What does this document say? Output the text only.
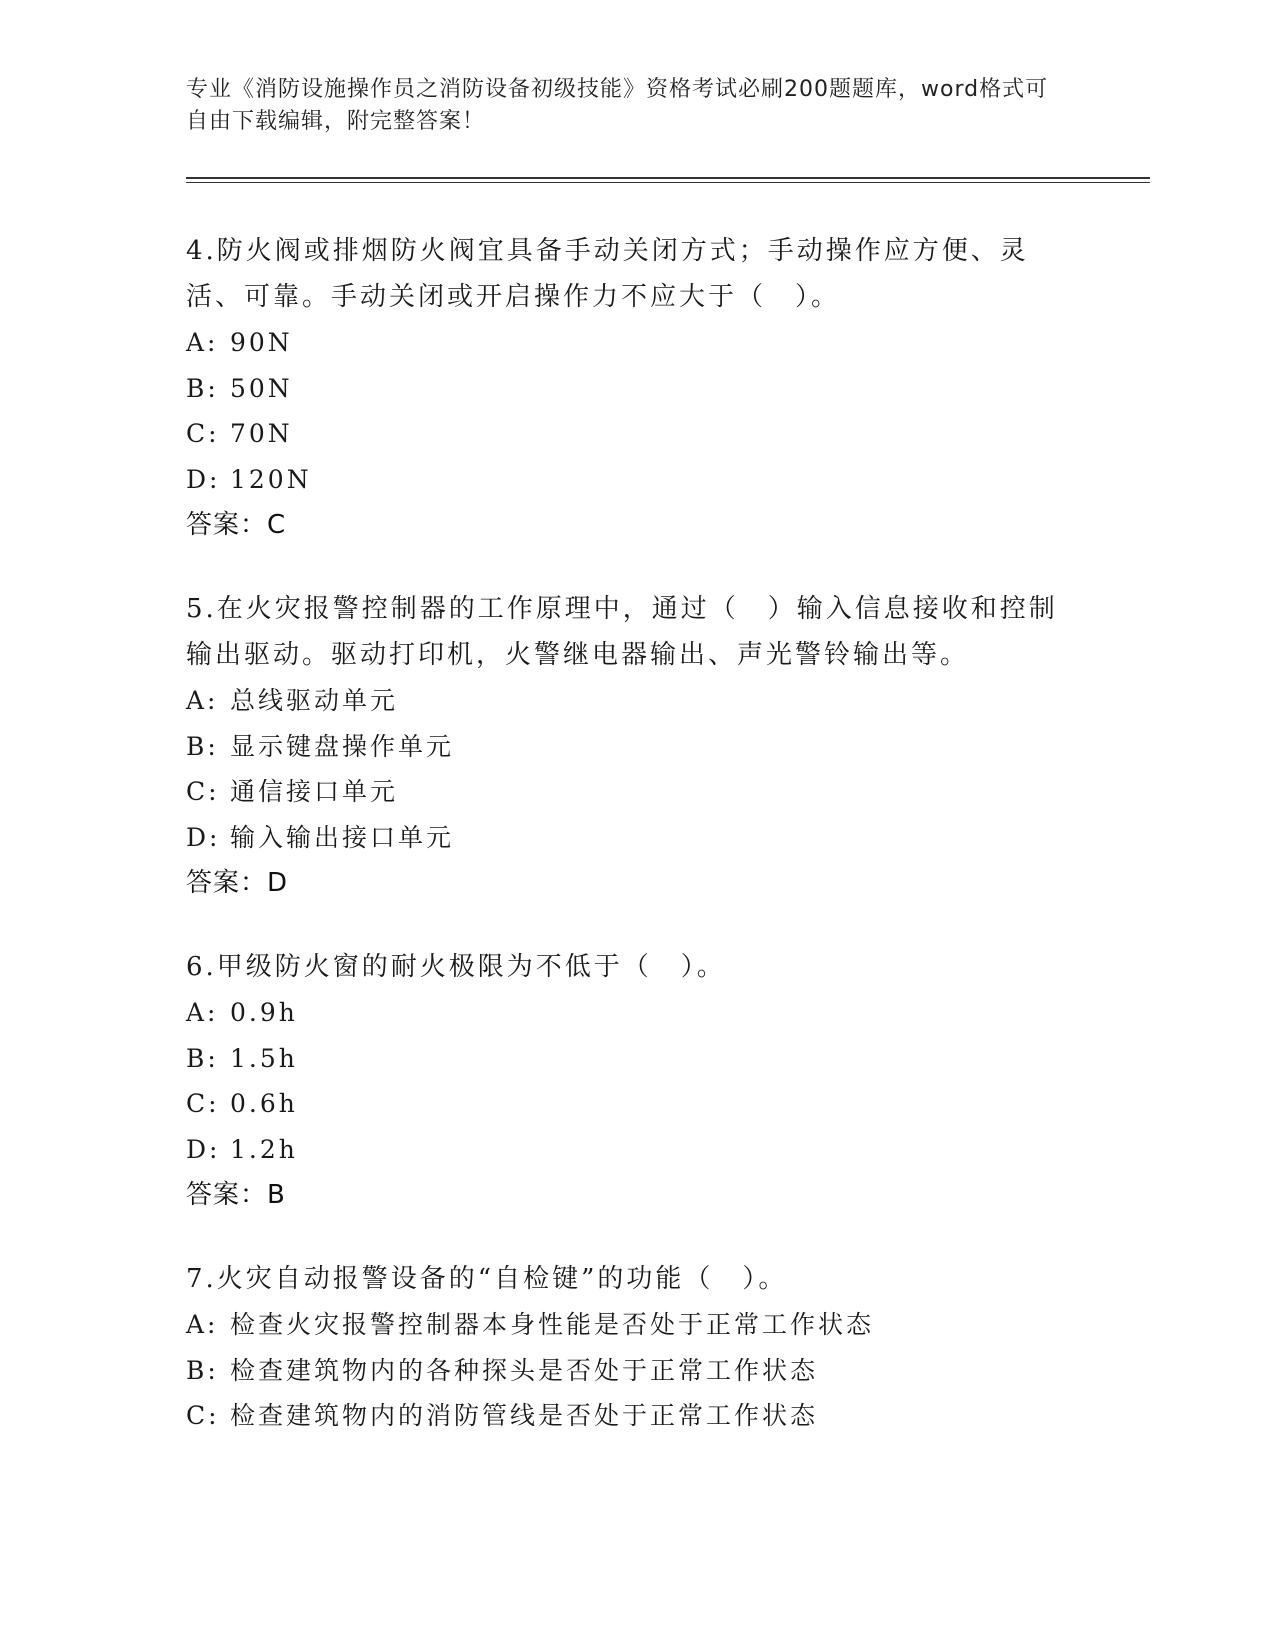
专业《消防设施操作员之消防设备初级技能》资格考试必刷200题题库，word格式可自由下载编辑，附完整答案！
4.防火阀或排烟防火阀宜具备手动关闭方式；手动操作应方便、灵活、可靠。手动关闭或开启操作力不应大于（　）。
A: 90N
B: 50N
C: 70N
D: 120N
答案：C
5.在火灾报警控制器的工作原理中，通过（　）输入信息接收和控制输出驱动。驱动打印机，火警继电器输出、声光警铃输出等。
A: 总线驱动单元
B: 显示键盘操作单元
C: 通信接口单元
D: 输入输出接口单元
答案：D
6.甲级防火窗的耐火极限为不低于（　）。
A: 0.9h
B: 1.5h
C: 0.6h
D: 1.2h
答案：B
7.火灾自动报警设备的“自检键”的功能（　）。
A: 检查火灾报警控制器本身性能是否处于正常工作状态
B: 检查建筑物内的各种探头是否处于正常工作状态
C: 检查建筑物内的消防管线是否处于正常工作状态
